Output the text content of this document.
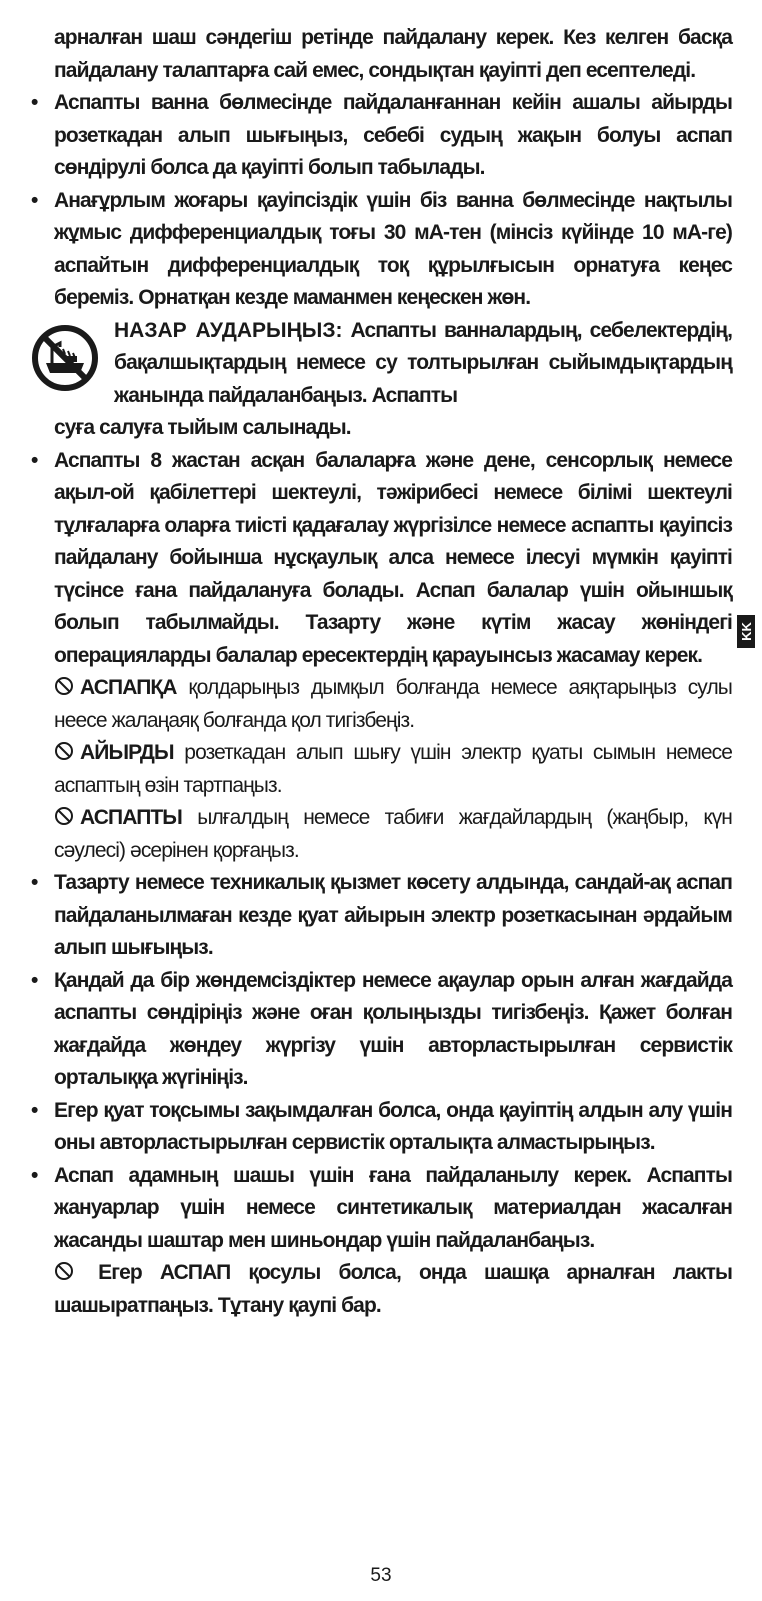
арналған шаш сәндегіш ретінде пайдалану керек. Кез келген басқа пайдалану талаптарға сай емес, сондықтан қауіпті деп есептеледі.

• Аспапты ванна бөлмесінде пайдаланғаннан кейін ашалы айырды розеткадан алып шығыңыз, себебі судың жақын болуы аспап сөндірулі болса да қауіпті болып табылады.

• Анағұрлым жоғары қауіпсіздік үшін біз ванна бөлмесінде нақтылы жұмыс дифференциалдық тоғы 30 мА-тен (мінсіз күйінде 10 мА-ге) аспайтын дифференциалдық тоқ құрылғысын орнатуға кеңес береміз. Орнатқан кезде маманмен кеңескен жөн.

НАЗАР АУДАРЫҢЫЗ: Аспапты ванналардың, себелектердің, бақалшықтардың немесе су толтырылған сыйымдықтардың жанында пайдаланбаңыз. Аспапты

суға салуға тыйым салынады.

• Аспапты 8 жастан асқан балаларға және дене, сенсорлық немесе ақыл-ой қабілеттері шектеулі, тәжірибесі немесе білімі шектеулі тұлғаларға оларға тиісті қадағалау жүргізілсе немесе аспапты қауіпсіз пайдалану бойынша нұсқаулық алса немесе ілесуі мүмкін қауіпті түсінсе ғана пайдалануға болады. Аспап балалар үшін ойыншық болып табылмайды. Тазарту және күтім жасау жөніндегі операцияларды балалар ересектердің қарауынсыз жасамау керек.

АСПАПҚА қолдарыңыз дымқыл болғанда немесе аяқтарыңыз сулы неесе жалаңаяқ болғанда қол тигізбеңіз.

АЙЫРДЫ розеткадан алып шығу үшін электр қуаты сымын немесе аспаптың өзін тартпаңыз.

АСПАПТЫ ылғалдың немесе табиғи жағдайлардың (жаңбыр, күн сәулесі) әсерінен қорғаңыз.

• Тазарту немесе техникалық қызмет көсету алдында, сандай-ақ аспап пайдаланылмаған кезде қуат айырын электр розеткасынан әрдайым алып шығыңыз.

• Қандай да бір жөндемсіздіктер немесе ақаулар орын алған жағдайда аспапты сөндіріңіз және оған қолыңызды тигізбеңіз. Қажет болған жағдайда жөндеу жүргізу үшін авторластырылған сервистік орталыққа жүгініңіз.

• Егер қуат тоқсымы зақымдалған болса, онда қауіптің алдын алу үшін оны авторластырылған сервистік орталықта алмастырыңыз.

• Аспап адамның шашы үшін ғана пайдаланылу керек. Аспапты жануарлар үшін немесе синтетикалық материалдан жасалған жасанды шаштар мен шиньондар үшін пайдаланбаңыз.

Егер АСПАП қосулы болса, онда шашқа арналған лакты шашыратпаңыз. Тұтану қаупі бар.

KK
53
